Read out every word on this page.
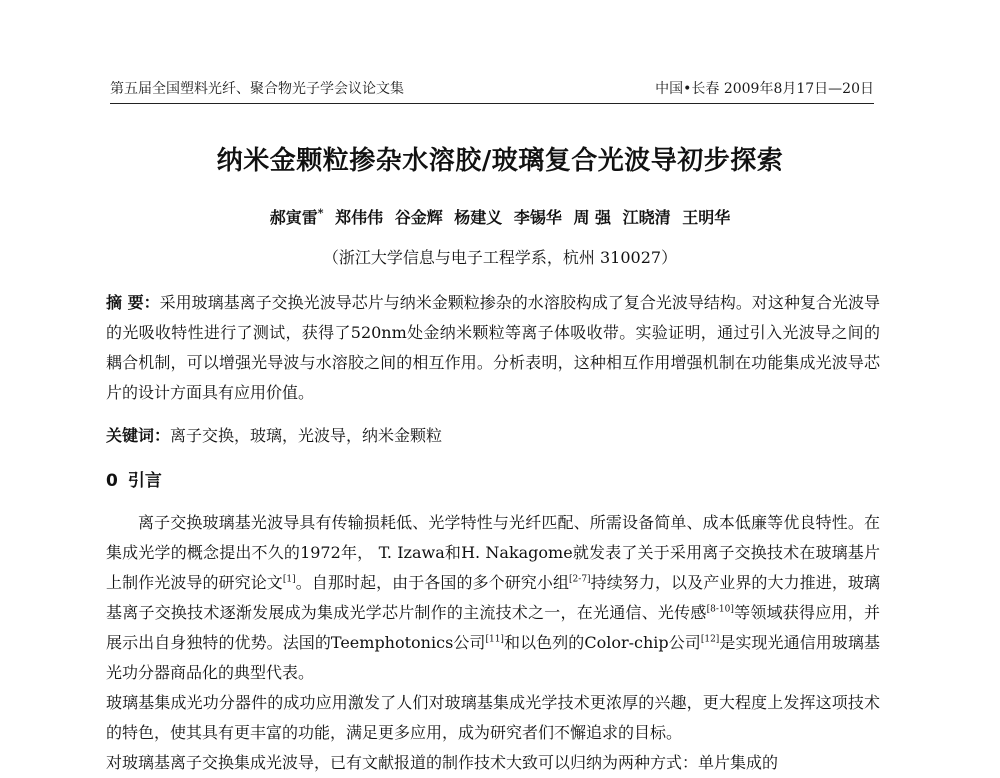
第五届全国塑料光纤、聚合物光子学会议论文集	中国•长春 2009年8月17日—20日
纳米金颗粒掺杂水溶胶/玻璃复合光波导初步探索
郝寅雷* 郑伟伟 谷金辉 杨建义 李锡华 周 强 江晓清 王明华
（浙江大学信息与电子工程学系，杭州 310027）
摘 要：采用玻璃基离子交换光波导芯片与纳米金颗粒掺杂的水溶胶构成了复合光波导结构。对这种复合光波导的光吸收特性进行了测试，获得了520nm处金纳米颗粒等离子体吸收带。实验证明，通过引入光波导之间的耦合机制，可以增强光导波与水溶胶之间的相互作用。分析表明，这种相互作用增强机制在功能集成光波导芯片的设计方面具有应用价值。
关键词：离子交换，玻璃，光波导，纳米金颗粒
0 引言

离子交换玻璃基光波导具有传输损耗低、光学特性与光纤匹配、所需设备简单、成本低廉等优良特性。在集成光学的概念提出不久的1972年， T. Izawa和H. Nakagome就发表了关于采用离子交换技术在玻璃基片上制作光波导的研究论文[1]。自那时起，由于各国的多个研究小组[2-7]持续努力，以及产业界的大力推进，玻璃基离子交换技术逐渐发展成为集成光学芯片制作的主流技术之一，在光通信、光传感[8-10]等领域获得应用，并展示出自身独特的优势。法国的Teemphotonics公司[11]和以色列的Color-chip公司[12]是实现光通信用玻璃基光功分器商品化的典型代表。

玻璃基集成光功分器件的成功应用激发了人们对玻璃基集成光学技术更浓厚的兴趣，更大程度上发挥这项技术的特色，使其具有更丰富的功能，满足更多应用，成为研究者们不懈追求的目标。

对玻璃基离子交换集成光波导，已有文献报道的制作技术大致可以归纳为两种方式：单片集成的
